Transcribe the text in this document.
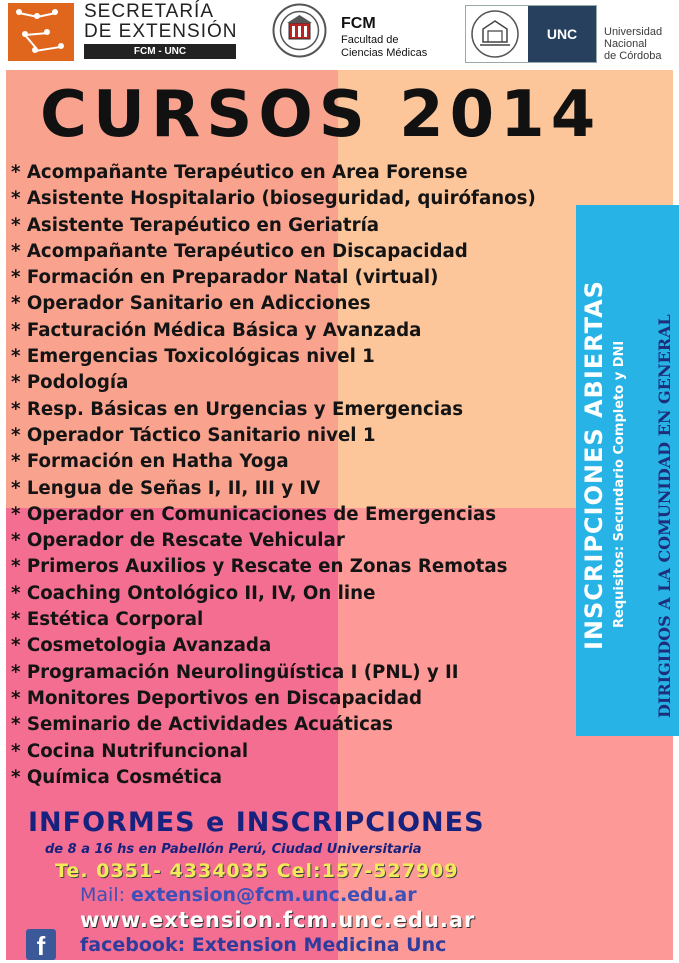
SECRETARÍA
DE EXTENSIÓN
FCM - UNC
FCM
Facultad de
Ciencias Médicas
UNC	Universidad
Nacional
de Córdoba
CURSOS 2014
* Acompañante Terapéutico en Area Forense
* Asistente Hospitalario (bioseguridad, quirófanos)
* Asistente Terapéutico en Geriatría
* Acompañante Terapéutico en Discapacidad
* Formación en Preparador Natal (virtual)
* Operador Sanitario en Adicciones
* Facturación Médica Básica y Avanzada
* Emergencias Toxicológicas nivel 1
* Podología
* Resp. Básicas en Urgencias y Emergencias
* Operador Táctico Sanitario nivel 1
* Formación en Hatha Yoga
* Lengua de Señas I, II, III y IV
* Operador en Comunicaciones de Emergencias
* Operador de Rescate Vehicular
* Primeros Auxilios y Rescate en Zonas Remotas
* Coaching Ontológico II, IV, On line
* Estética Corporal
* Cosmetologia Avanzada
* Programación Neurolingüística I (PNL) y II
* Monitores Deportivos en Discapacidad
* Seminario de Actividades Acuáticas
* Cocina Nutrifuncional
* Química Cosmética
INSCRIPCIONES ABIERTAS Requisitos: Secundario Completo y DNI DIRIGIDOS A LA COMUNIDAD EN GENERAL
INFORMES e INSCRIPCIONES
de 8 a 16 hs en Pabellón Perú, Ciudad Universitaria
Te. 0351- 4334035 Cel:157-527909
Mail: extension@fcm.unc.edu.ar
www.extension.fcm.unc.edu.ar
f	facebook: Extension Medicina Unc
